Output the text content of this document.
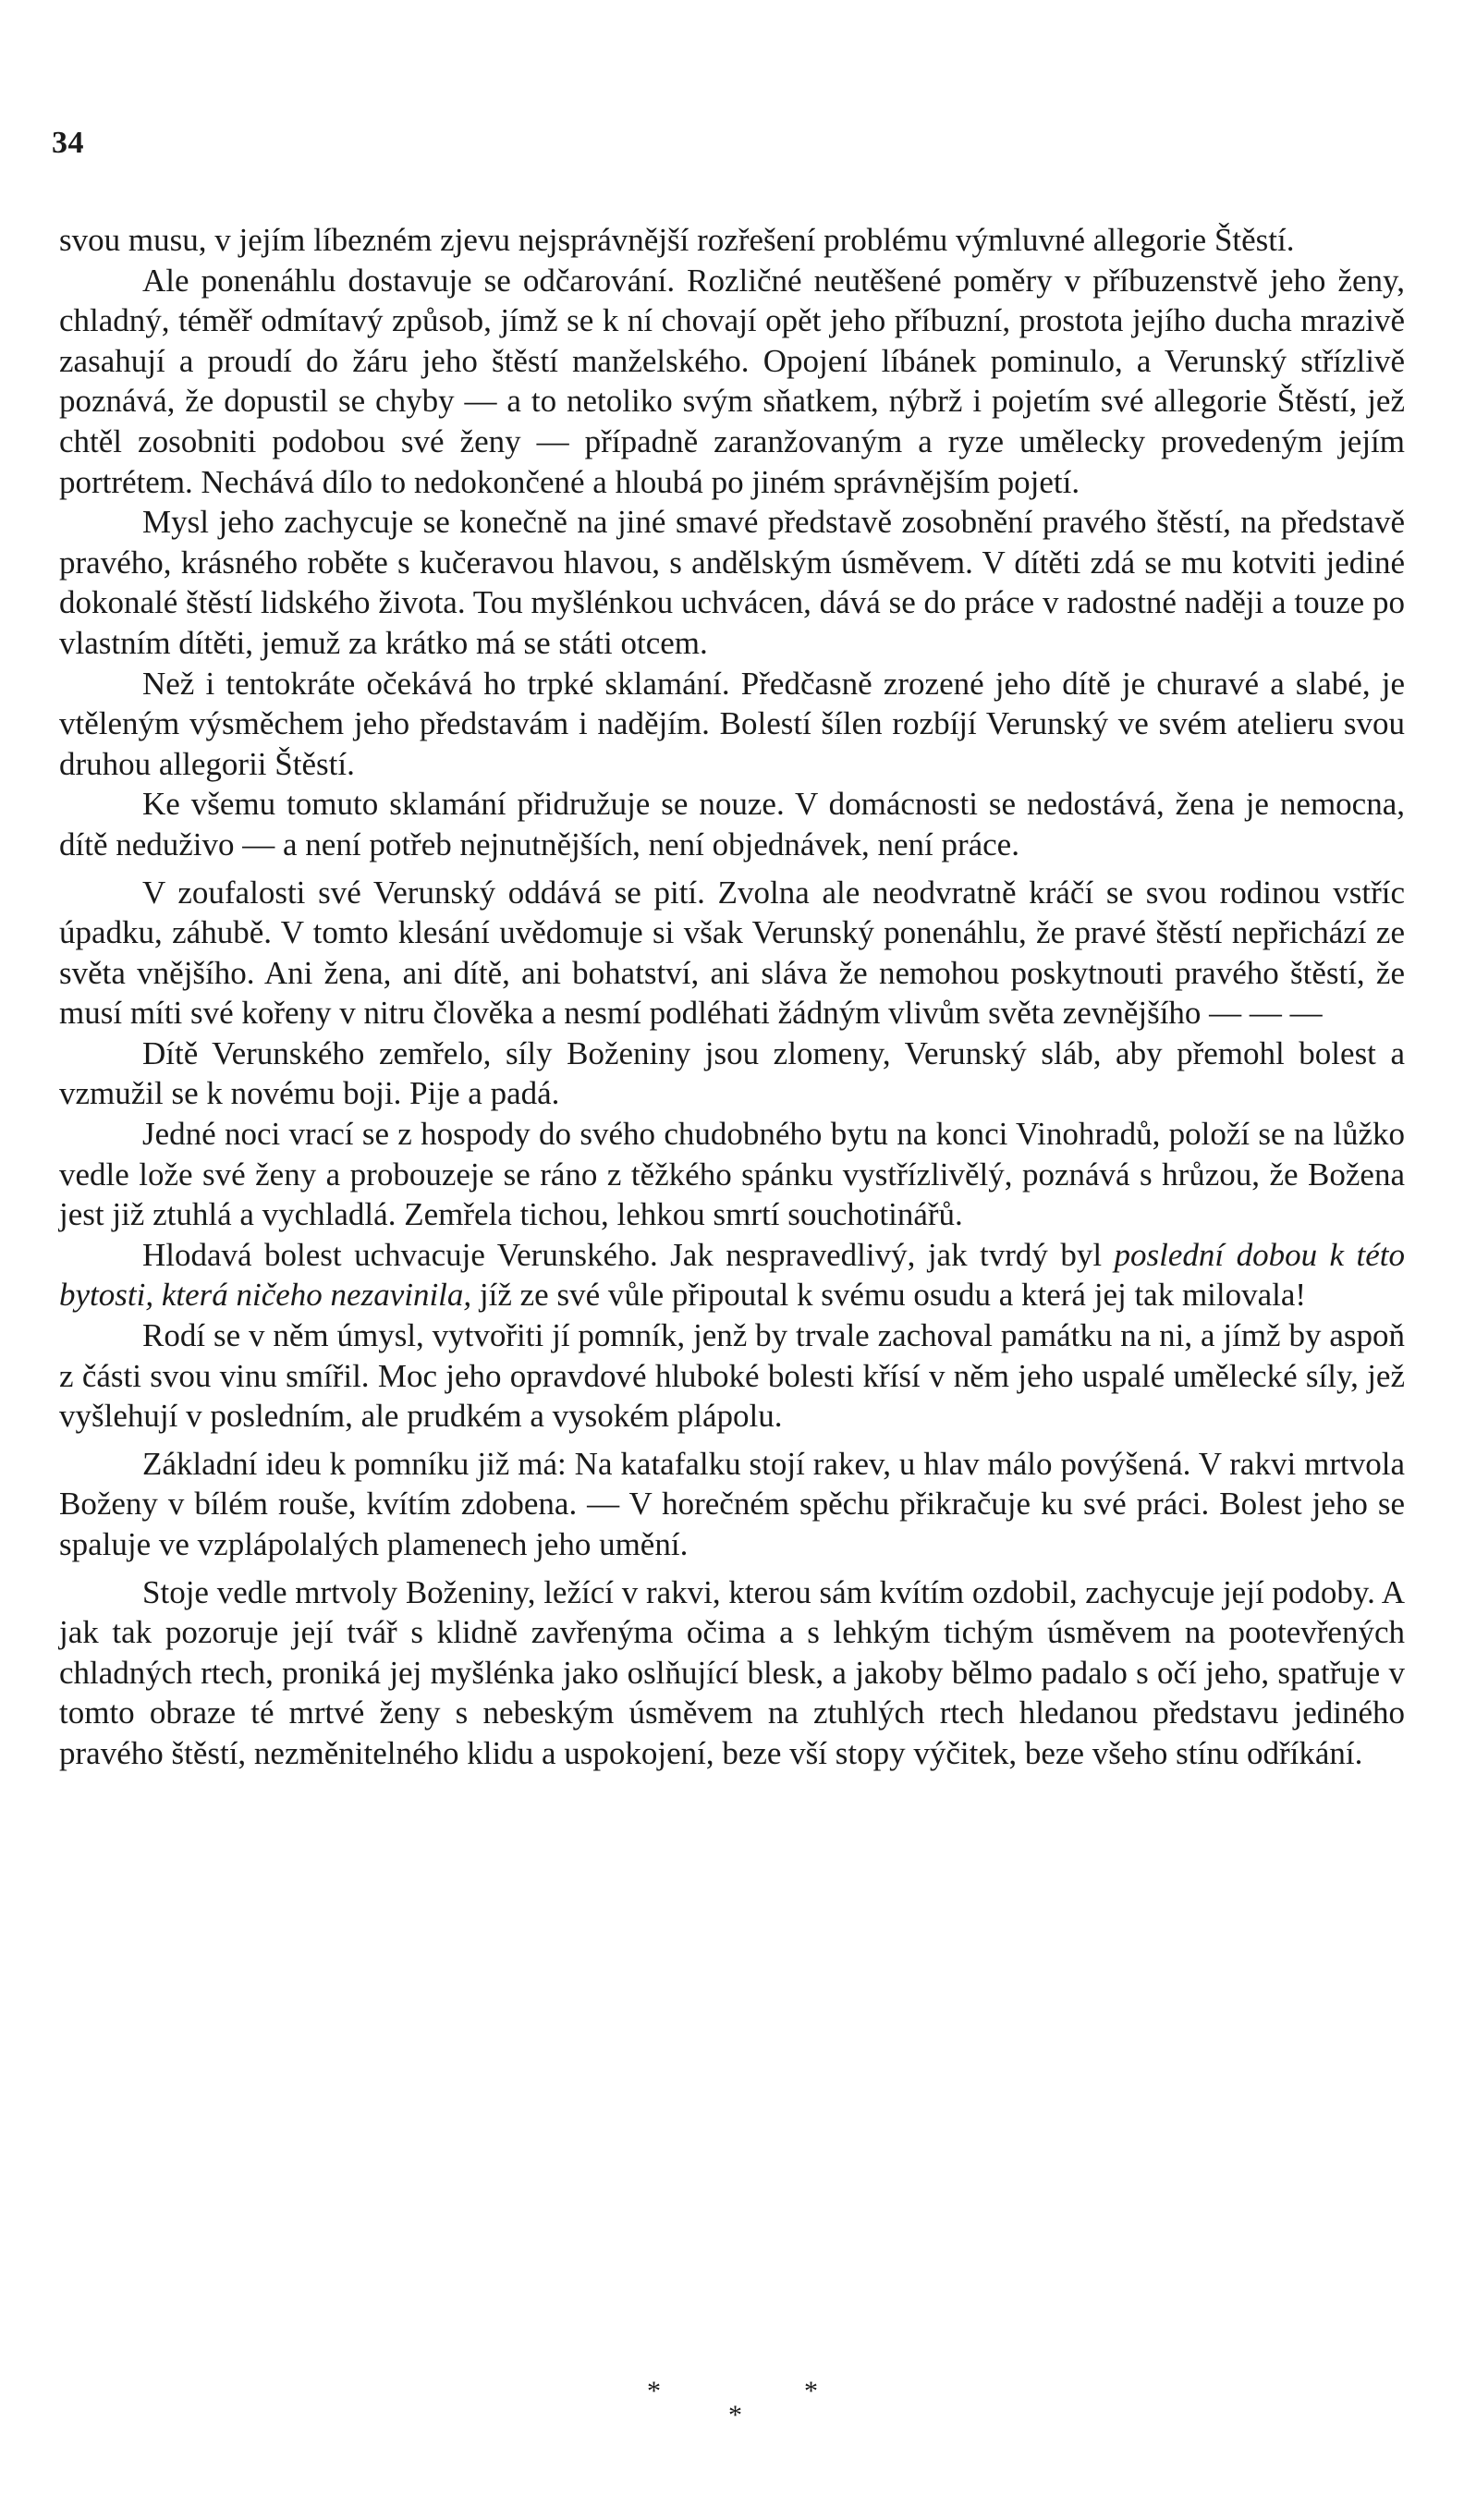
34

svou musu, v jejím líbezném zjevu nejsprávnější rozřešení problému výmluvné allegorie Štěstí.

Ale ponenáhlu dostavuje se odčarování. Rozličné neutěšené poměry v příbuzenstvě jeho ženy, chladný, téměř odmítavý způsob, jímž se k ní chovají opět jeho příbuzní, prostota jejího ducha mrazivě zasahují a proudí do žáru jeho štěstí manželského. Opojení líbánek pominulo, a Verunský střízlivě poznává, že dopustil se chyby — a to netoliko svým sňatkem, nýbrž i pojetím své allegorie Štěstí, jež chtěl zosobniti podobou své ženy — případně zaranžovaným a ryze umělecky provedeným jejím portrétem. Nechává dílo to nedokončené a hloubá po jiném správnějším pojetí.

Mysl jeho zachycuje se konečně na jiné smavé představě zosobnění pravého štěstí, na představě pravého, krásného roběte s kučeravou hlavou, s andělským úsměvem. V dítěti zdá se mu kotviti jediné dokonalé štěstí lidského života. Tou myšlénkou uchvácen, dává se do práce v radostné naději a touze po vlastním dítěti, jemuž za krátko má se státi otcem.

Než i tentokráte očekává ho trpké sklamání. Předčasně zrozené jeho dítě je churavé a slabé, je vtěleným výsměchem jeho představám i nadějím. Bolestí šílen rozbíjí Verunský ve svém atelieru svou druhou allegorii Štěstí.

Ke všemu tomuto sklamání přidružuje se nouze. V domácnosti se nedostává, žena je nemocna, dítě neduživo — a není potřeb nejnutnějších, není objednávek, není práce.

V zoufalosti své Verunský oddává se pití. Zvolna ale neodvratně kráčí se svou rodinou vstříc úpadku, záhubě. V tomto klesání uvědomuje si však Verunský ponenáhlu, že pravé štěstí nepřichází ze světa vnějšího. Ani žena, ani dítě, ani bohatství, ani sláva že nemohou poskytnouti pravého štěstí, že musí míti své kořeny v nitru člověka a nesmí podléhati žádným vlivům světa zevnějšího — — —

Dítě Verunského zemřelo, síly Boženiny jsou zlomeny, Verunský sláb, aby přemohl bolest a vzmužil se k novému boji. Pije a padá.

Jedné noci vrací se z hospody do svého chudobného bytu na konci Vinohradů, položí se na lůžko vedle lože své ženy a probouzeje se ráno z těžkého spánku vystřízlivělý, poznává s hrůzou, že Božena jest již ztuhlá a vychladlá. Zemřela tichou, lehkou smrtí souchotinářů.

Hlodavá bolest uchvacuje Verunského. Jak nespravedlivý, jak tvrdý byl poslední dobou k této bytosti, která ničeho nezavinila, jíž ze své vůle připoutal k svému osudu a která jej tak milovala!

Rodí se v něm úmysl, vytvořiti jí pomník, jenž by trvale zachoval památku na ni, a jímž by aspoň z části svou vinu smířil. Moc jeho opravdové hluboké bolesti křísí v něm jeho uspalé umělecké síly, jež vyšlehují v posledním, ale prudkém a vysokém plápolu.

Základní ideu k pomníku již má: Na katafalku stojí rakev, u hlav málo povýšená. V rakvi mrtvola Boženy v bílém rouše, kvítím zdobena. — V horečném spěchu přikračuje ku své práci. Bolest jeho se spaluje ve vzplápolalých plamenech jeho umění.

Stoje vedle mrtvoly Boženiny, ležící v rakvi, kterou sám kvítím ozdobil, zachycuje její podoby. A jak tak pozoruje její tvář s klidně zavřenýma očima a s lehkým tichým úsměvem na pootevřených chladných rtech, proniká jej myšlénka jako oslňující blesk, a jakoby bělmo padalo s očí jeho, spatřuje v tomto obraze té mrtvé ženy s nebeským úsměvem na ztuhlých rtech hledanou představu jediného pravého štěstí, nezměnitelného klidu a uspokojení, beze vší stopy výčitek, beze všeho stínu odříkání.

*	*
*
